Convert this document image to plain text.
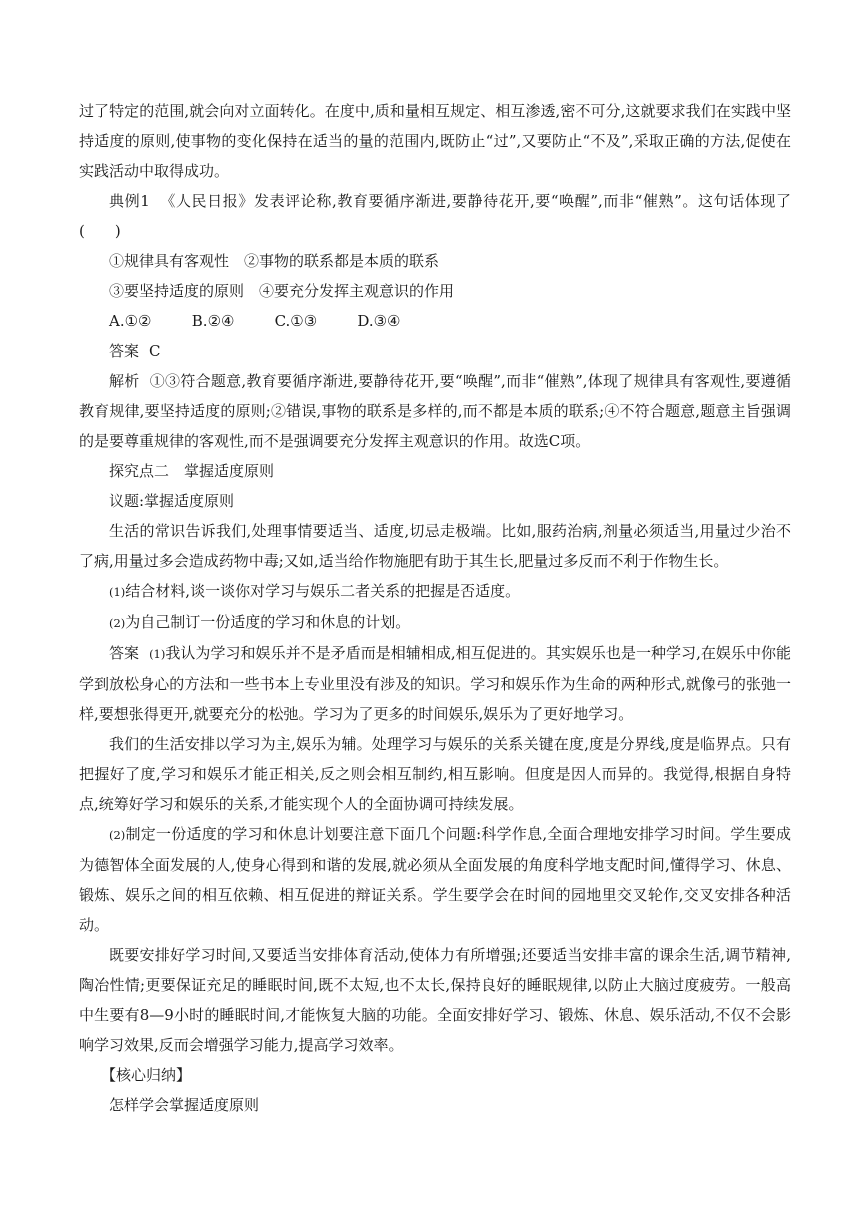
过了特定的范围,就会向对立面转化。在度中,质和量相互规定、相互渗透,密不可分,这就要求我们在实践中坚持适度的原则,使事物的变化保持在适当的量的范围内,既防止“过”,又要防止“不及”,采取正确的方法,促使在实践活动中取得成功。

典例1 《人民日报》发表评论称,教育要循序渐进,要静待花开,要“唤醒”,而非“催熟”。这句话体现了(　　)

①规律具有客观性　②事物的联系都是本质的联系

③要坚持适度的原则　④要充分发挥主观意识的作用

A.①②	B.②④	C.①③	D.③④

答案 C

解析 ①③符合题意,教育要循序渐进,要静待花开,要“唤醒”,而非“催熟”,体现了规律具有客观性,要遵循教育规律,要坚持适度的原则;②错误,事物的联系是多样的,而不都是本质的联系;④不符合题意,题意主旨强调的是要尊重规律的客观性,而不是强调要充分发挥主观意识的作用。故选C项。

探究点二　掌握适度原则

议题:掌握适度原则

生活的常识告诉我们,处理事情要适当、适度,切忌走极端。比如,服药治病,剂量必须适当,用量过少治不了病,用量过多会造成药物中毒;又如,适当给作物施肥有助于其生长,肥量过多反而不利于作物生长。

(1)结合材料,谈一谈你对学习与娱乐二者关系的把握是否适度。

(2)为自己制订一份适度的学习和休息的计划。

答案 (1)我认为学习和娱乐并不是矛盾而是相辅相成,相互促进的。其实娱乐也是一种学习,在娱乐中你能学到放松身心的方法和一些书本上专业里没有涉及的知识。学习和娱乐作为生命的两种形式,就像弓的张弛一样,要想张得更开,就要充分的松弛。学习为了更多的时间娱乐,娱乐为了更好地学习。

我们的生活安排以学习为主,娱乐为辅。处理学习与娱乐的关系关键在度,度是分界线,度是临界点。只有把握好了度,学习和娱乐才能正相关,反之则会相互制约,相互影响。但度是因人而异的。我觉得,根据自身特点,统筹好学习和娱乐的关系,才能实现个人的全面协调可持续发展。

(2)制定一份适度的学习和休息计划要注意下面几个问题:科学作息,全面合理地安排学习时间。学生要成为德智体全面发展的人,使身心得到和谐的发展,就必须从全面发展的角度科学地支配时间,懂得学习、休息、锻炼、娱乐之间的相互依赖、相互促进的辩证关系。学生要学会在时间的园地里交叉轮作,交叉安排各种活动。

既要安排好学习时间,又要适当安排体育活动,使体力有所增强;还要适当安排丰富的课余生活,调节精神,陶冶性情;更要保证充足的睡眠时间,既不太短,也不太长,保持良好的睡眠规律,以防止大脑过度疲劳。一般高中生要有8—9小时的睡眠时间,才能恢复大脑的功能。全面安排好学习、锻炼、休息、娱乐活动,不仅不会影响学习效果,反而会增强学习能力,提高学习效率。

【核心归纳】

怎样学会掌握适度原则
